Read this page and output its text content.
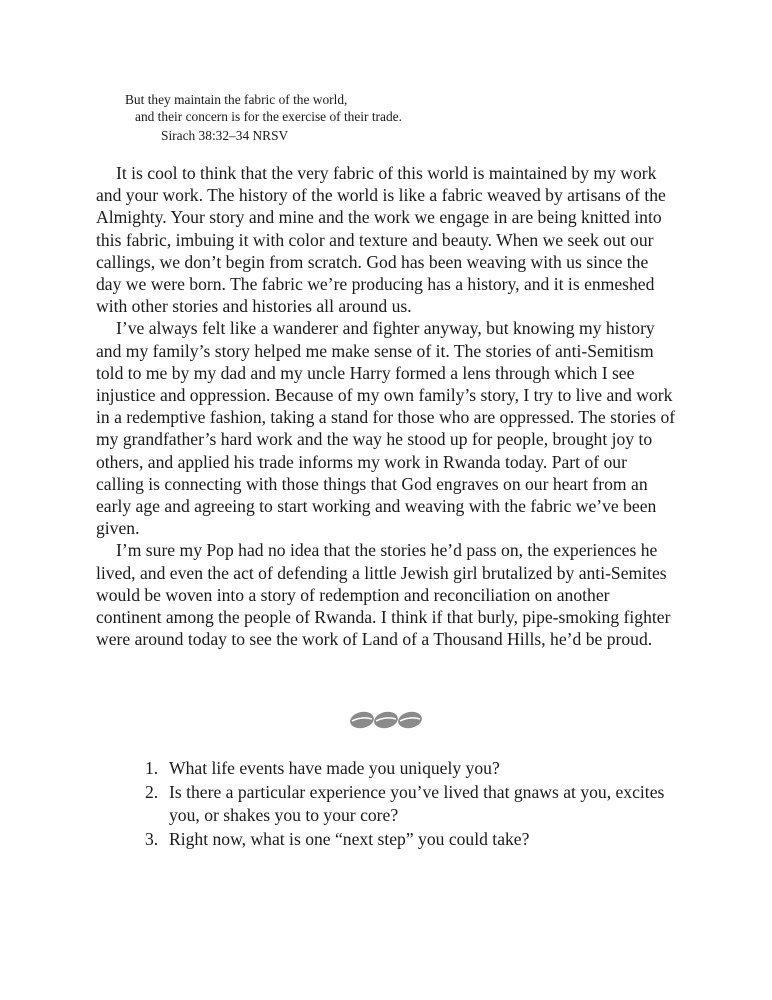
But they maintain the fabric of the world,
and their concern is for the exercise of their trade.
Sirach 38:32–34 NRSV

It is cool to think that the very fabric of this world is maintained by my work and your work. The history of the world is like a fabric weaved by artisans of the Almighty. Your story and mine and the work we engage in are being knitted into this fabric, imbuing it with color and texture and beauty. When we seek out our callings, we don’t begin from scratch. God has been weaving with us since the day we were born. The fabric we’re producing has a history, and it is enmeshed with other stories and histories all around us.

I’ve always felt like a wanderer and fighter anyway, but knowing my history and my family’s story helped me make sense of it. The stories of anti-Semitism told to me by my dad and my uncle Harry formed a lens through which I see injustice and oppression. Because of my own family’s story, I try to live and work in a redemptive fashion, taking a stand for those who are oppressed. The stories of my grandfather’s hard work and the way he stood up for people, brought joy to others, and applied his trade informs my work in Rwanda today. Part of our calling is connecting with those things that God engraves on our heart from an early age and agreeing to start working and weaving with the fabric we’ve been given.

I’m sure my Pop had no idea that the stories he’d pass on, the experiences he lived, and even the act of defending a little Jewish girl brutalized by anti-Semites would be woven into a story of redemption and reconciliation on another continent among the people of Rwanda. I think if that burly, pipe-smoking fighter were around today to see the work of Land of a Thousand Hills, he’d be proud.

1. What life events have made you uniquely you?
2. Is there a particular experience you’ve lived that gnaws at you, excites you, or shakes you to your core?
3. Right now, what is one “next step” you could take?
